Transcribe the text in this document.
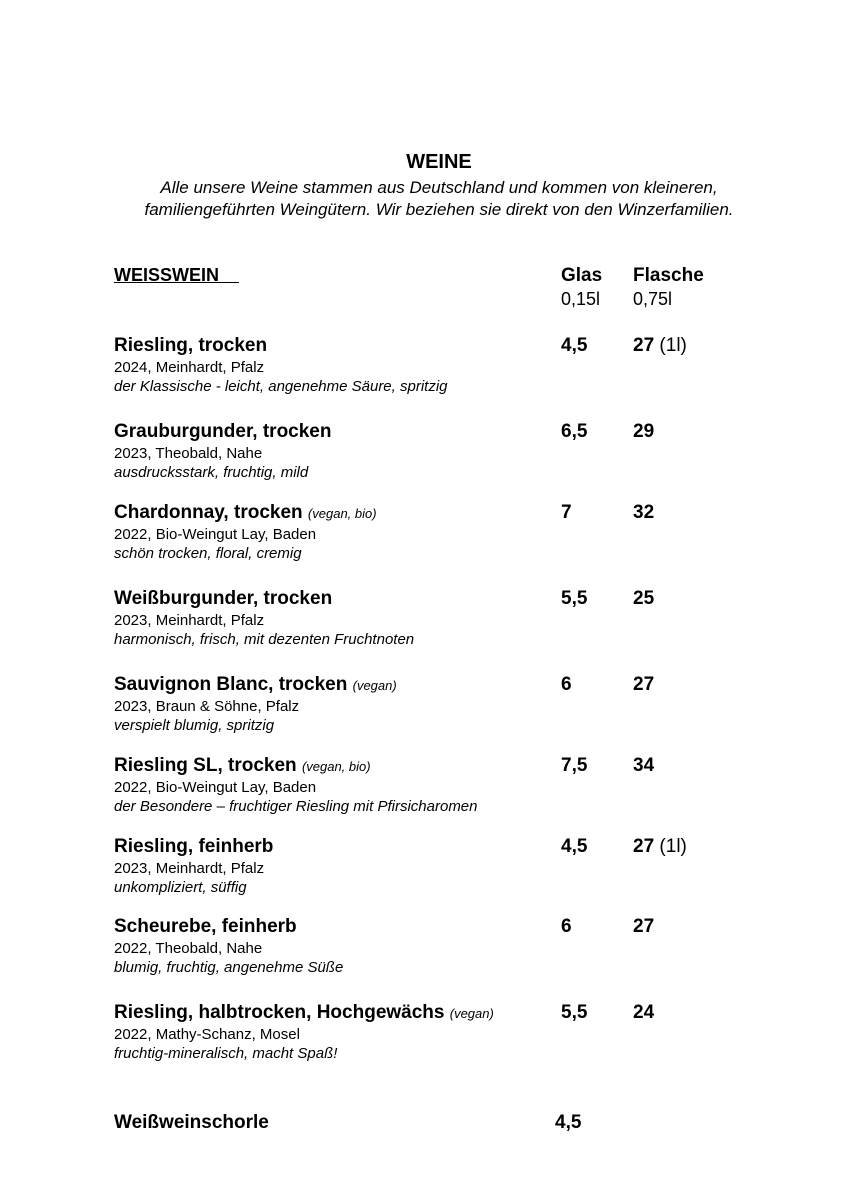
WEINE
Alle unsere Weine stammen aus Deutschland und kommen von kleineren,
familiengeführten Weingütern. Wir beziehen sie direkt von den Winzerfamilien.
WEISSWEIN	Glas Flasche
0,15l 0,75l
Riesling, trocken
2024, Meinhardt, Pfalz
der Klassische - leicht, angenehme Säure, spritzig
4,5 27 (1l)
Grauburgunder, trocken
2023, Theobald, Nahe
ausdrucksstark, fruchtig, mild
6,5 29
Chardonnay, trocken (vegan, bio)
2022, Bio-Weingut Lay, Baden
schön trocken, floral, cremig
7	32
Weißburgunder, trocken
2023, Meinhardt, Pfalz
harmonisch, frisch, mit dezenten Fruchtnoten
5,5 25
Sauvignon Blanc, trocken (vegan)
2023, Braun & Söhne, Pfalz
verspielt blumig, spritzig
6	27
Riesling SL, trocken (vegan, bio)
2022, Bio-Weingut Lay, Baden
der Besondere – fruchtiger Riesling mit Pfirsicharomen
7,5 34
Riesling, feinherb
2023, Meinhardt, Pfalz
unkompliziert, süffig
4,5 27 (1l)
Scheurebe, feinherb
2022, Theobald, Nahe
blumig, fruchtig, angenehme Süße
6	27
Riesling, halbtrocken, Hochgewächs (vegan)
2022, Mathy-Schanz, Mosel
fruchtig-mineralisch, macht Spaß!
5,5 24
Weißweinschorle	4,5
